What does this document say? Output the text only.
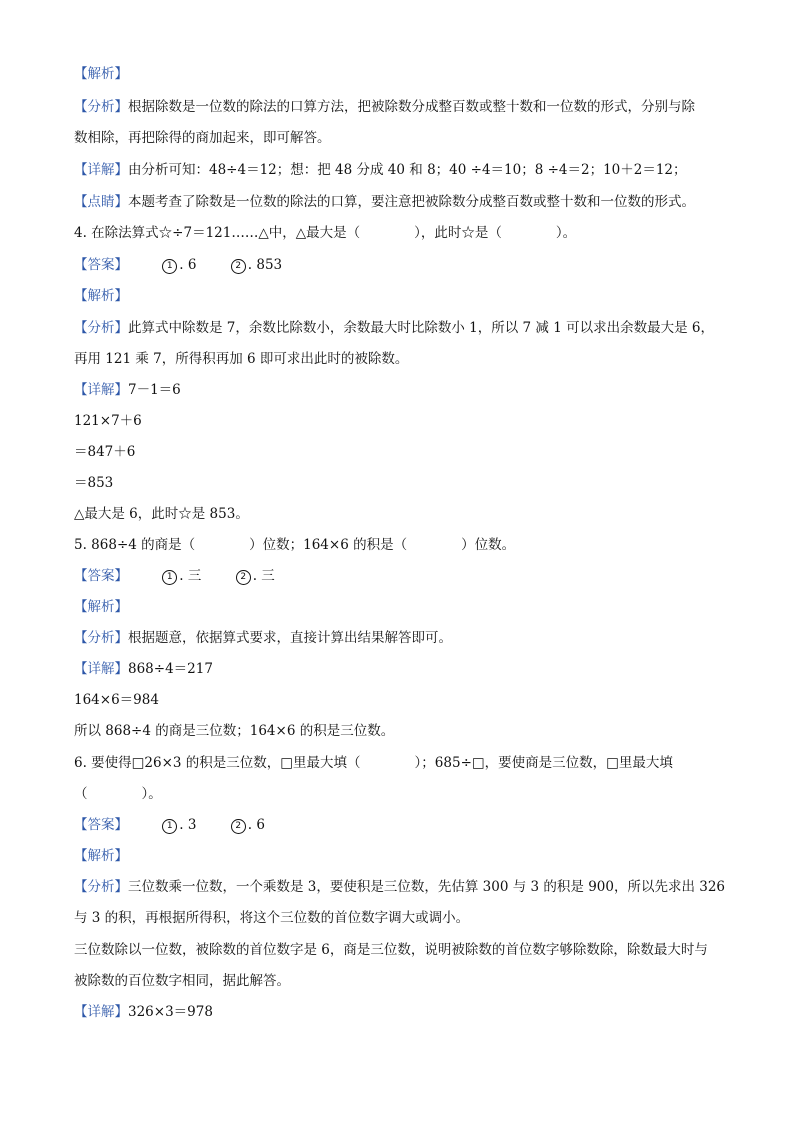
【解析】
【分析】根据除数是一位数的除法的口算方法，把被除数分成整百数或整十数和一位数的形式，分别与除
数相除，再把除得的商加起来，即可解答。
【详解】由分析可知：48÷4＝12；想：把 48 分成 40 和 8；40 ÷4＝10；8 ÷4＝2；10＋2＝12；
【点睛】本题考查了除数是一位数的除法的口算，要注意把被除数分成整百数或整十数和一位数的形式。
4. 在除法算式☆÷7＝121……△中，△最大是（　　　　），此时☆是（　　　　）。
【答案】	1 . 6	2 . 853
【解析】
【分析】此算式中除数是 7，余数比除数小，余数最大时比除数小 1，所以 7 减 1 可以求出余数最大是 6，
再用 121 乘 7，所得积再加 6 即可求出此时的被除数。
【详解】7－1＝6
121×7＋6
＝847＋6
＝853
△最大是 6，此时☆是 853。
5. 868÷4 的商是（　　　　）位数；164×6 的积是（　　　　）位数。
【答案】	1 . 三	2 . 三
【解析】
【分析】根据题意，依据算式要求，直接计算出结果解答即可。
【详解】868÷4＝217
164×6＝984
所以 868÷4 的商是三位数；164×6 的积是三位数。
6. 要使得□26×3 的积是三位数，□里最大填（　　　　）；685÷□，要使商是三位数，□里最大填
（　　　　）。
【答案】	1 . 3	2 . 6
【解析】
【分析】三位数乘一位数，一个乘数是 3，要使积是三位数，先估算 300 与 3 的积是 900，所以先求出 326
与 3 的积，再根据所得积，将这个三位数的首位数字调大或调小。
三位数除以一位数，被除数的首位数字是 6，商是三位数，说明被除数的首位数字够除数除，除数最大时与
被除数的百位数字相同，据此解答。
【详解】326×3＝978
